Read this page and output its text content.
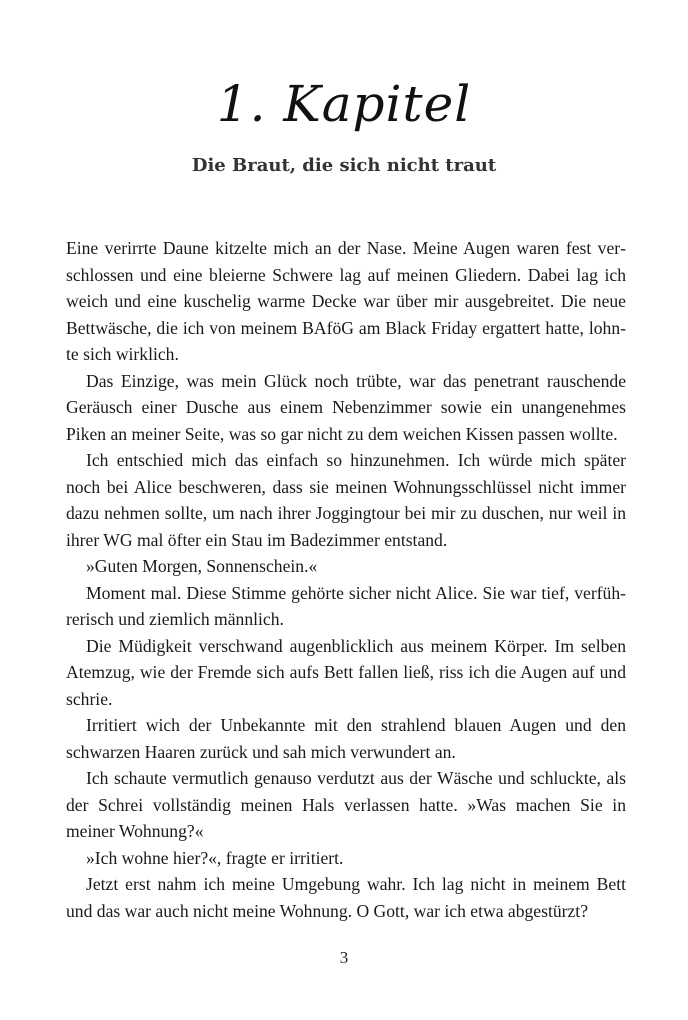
1. Kapitel
Die Braut, die sich nicht traut

Eine verirrte Daune kitzelte mich an der Nase. Meine Augen waren fest verschlossen und eine bleierne Schwere lag auf meinen Gliedern. Dabei lag ich weich und eine kuschelig warme Decke war über mir ausgebreitet. Die neue Bettwäsche, die ich von meinem BAföG am Black Friday ergattert hatte, lohnte sich wirklich.

Das Einzige, was mein Glück noch trübte, war das penetrant rauschende Geräusch einer Dusche aus einem Nebenzimmer sowie ein unangenehmes Piken an meiner Seite, was so gar nicht zu dem weichen Kissen passen wollte.

Ich entschied mich das einfach so hinzunehmen. Ich würde mich später noch bei Alice beschweren, dass sie meinen Wohnungsschlüssel nicht immer dazu nehmen sollte, um nach ihrer Joggingtour bei mir zu duschen, nur weil in ihrer WG mal öfter ein Stau im Badezimmer entstand.

»Guten Morgen, Sonnenschein.«

Moment mal. Diese Stimme gehörte sicher nicht Alice. Sie war tief, verführerisch und ziemlich männlich.

Die Müdigkeit verschwand augenblicklich aus meinem Körper. Im selben Atemzug, wie der Fremde sich aufs Bett fallen ließ, riss ich die Augen auf und schrie.

Irritiert wich der Unbekannte mit den strahlend blauen Augen und den schwarzen Haaren zurück und sah mich verwundert an.

Ich schaute vermutlich genauso verdutzt aus der Wäsche und schluckte, als der Schrei vollständig meinen Hals verlassen hatte. »Was machen Sie in meiner Wohnung?«

»Ich wohne hier?«, fragte er irritiert.

Jetzt erst nahm ich meine Umgebung wahr. Ich lag nicht in meinem Bett und das war auch nicht meine Wohnung. O Gott, war ich etwa abgestürzt?

3
